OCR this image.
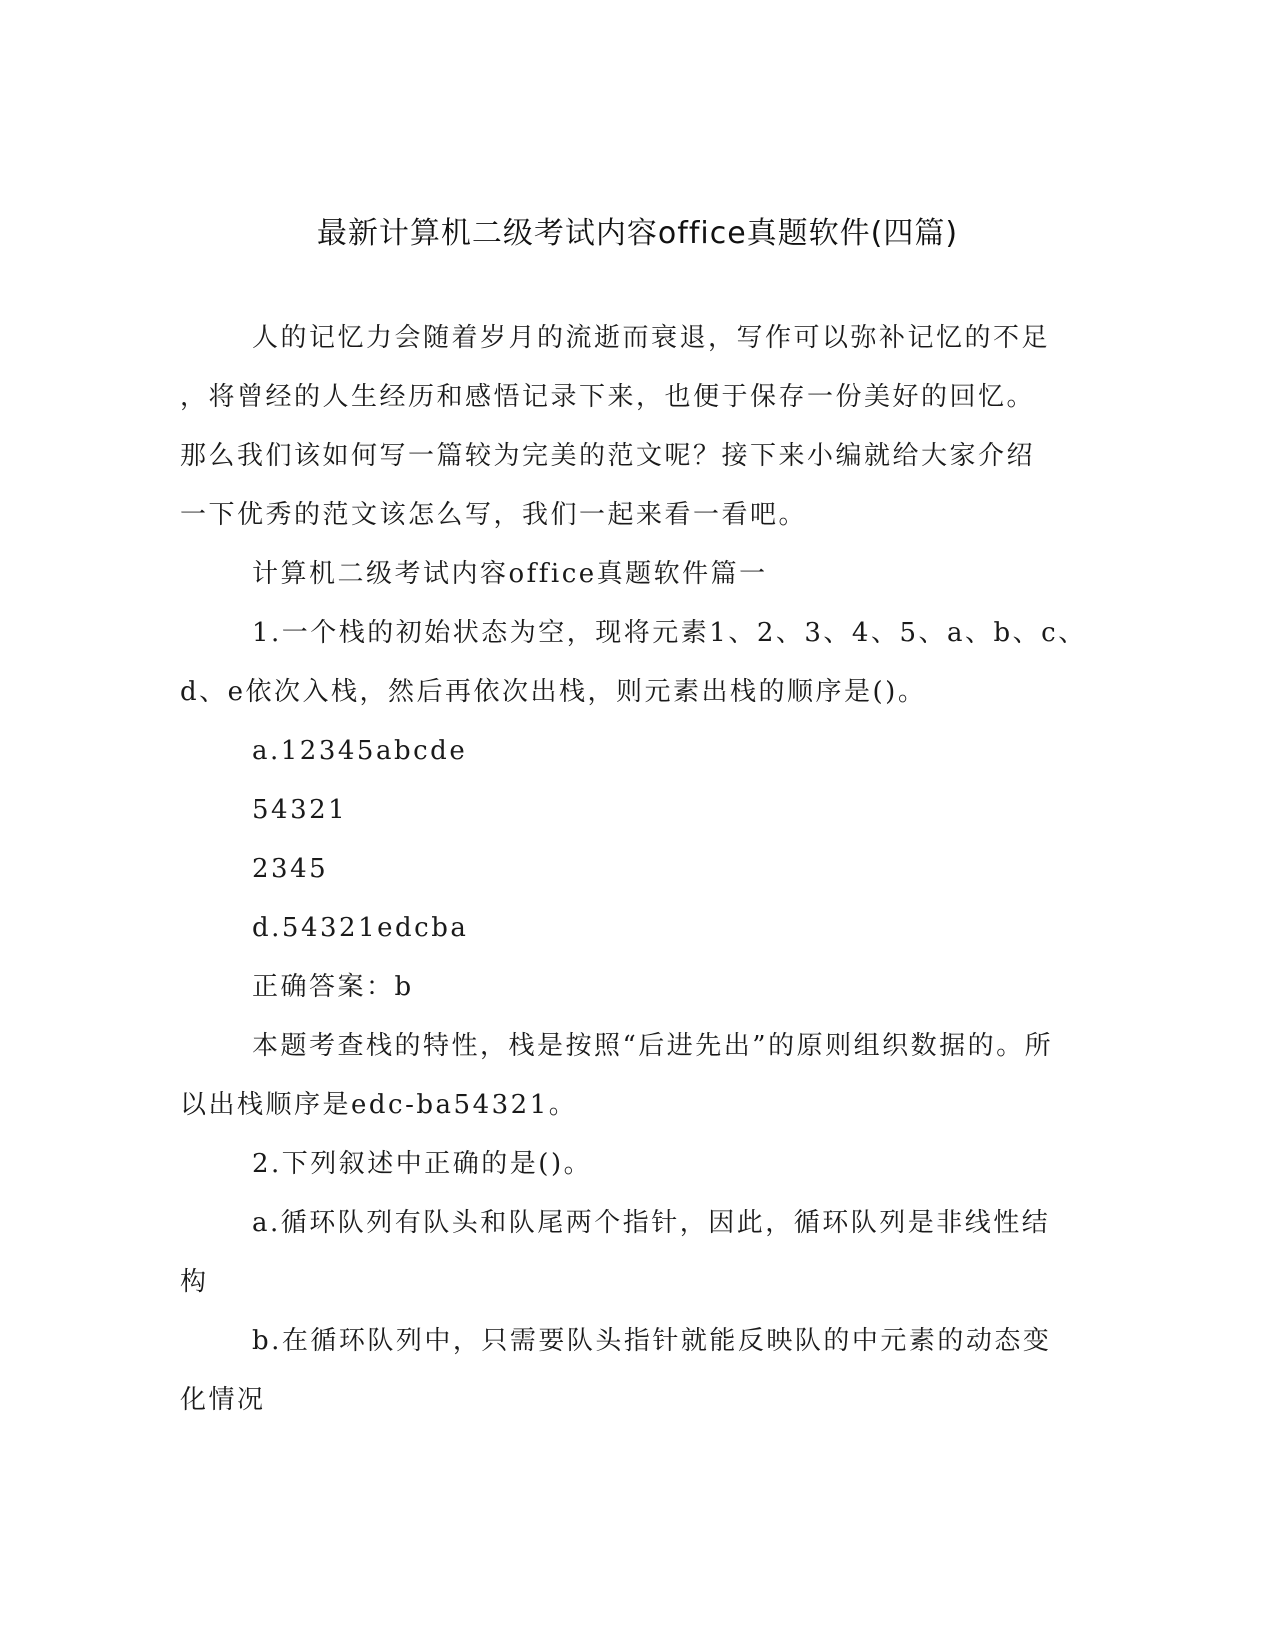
最新计算机二级考试内容office真题软件(四篇)
人的记忆力会随着岁月的流逝而衰退，写作可以弥补记忆的不足
，将曾经的人生经历和感悟记录下来，也便于保存一份美好的回忆。
那么我们该如何写一篇较为完美的范文呢？接下来小编就给大家介绍
一下优秀的范文该怎么写，我们一起来看一看吧。
计算机二级考试内容office真题软件篇一
1.一个栈的初始状态为空，现将元素1、2、3、4、5、a、b、c、
d、e依次入栈，然后再依次出栈，则元素出栈的顺序是()。
a.12345abcde
54321
2345
d.54321edcba
正确答案：b
本题考查栈的特性，栈是按照“后进先出”的原则组织数据的。所
以出栈顺序是edc-ba54321。
2.下列叙述中正确的是()。
a.循环队列有队头和队尾两个指针，因此，循环队列是非线性结
构
b.在循环队列中，只需要队头指针就能反映队的中元素的动态变
化情况
